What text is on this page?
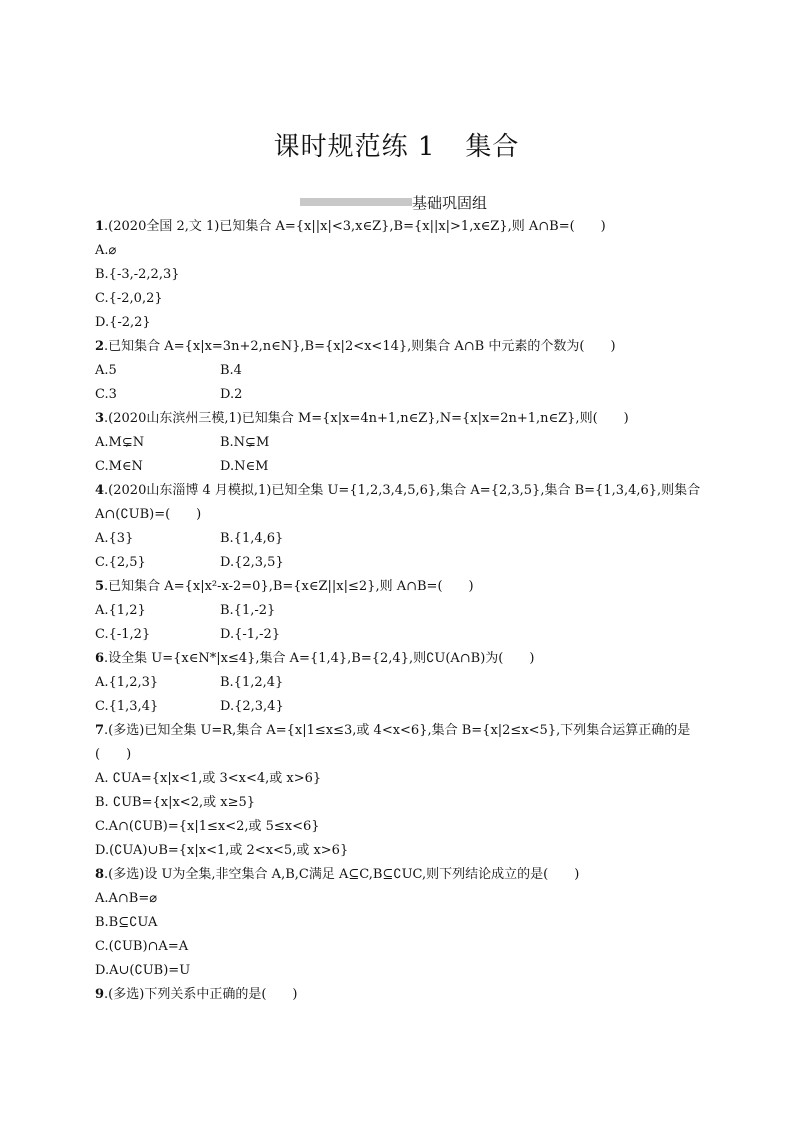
课时规范练 1 集合
基础巩固组
1.(2020全国 2,文 1)已知集合 A={x||x|<3,x∈Z},B={x||x|>1,x∈Z},则 A∩B=(　　)
A.⌀
B.{-3,-2,2,3}
C.{-2,0,2}
D.{-2,2}
2.已知集合 A={x|x=3n+2,n∈N},B={x|2<x<14},则集合 A∩B 中元素的个数为(　　)
A.5	B.4
C.3	D.2
3.(2020山东滨州三模,1)已知集合 M={x|x=4n+1,n∈Z},N={x|x=2n+1,n∈Z},则(　　)
A.M⊊N	B.N⊊M
C.M∈N	D.N∈M
4.(2020山东淄博 4 月模拟,1)已知全集 U={1,2,3,4,5,6},集合 A={2,3,5},集合 B={1,3,4,6},则集合
A∩(∁UB)=(　　)
A.{3}	B.{1,4,6}
C.{2,5}	D.{2,3,5}
5.已知集合 A={x|x²-x-2=0},B={x∈Z||x|≤2},则 A∩B=(　　)
A.{1,2}	B.{1,-2}
C.{-1,2}	D.{-1,-2}
6.设全集 U={x∈N*|x≤4},集合 A={1,4},B={2,4},则∁U(A∩B)为(　　)
A.{1,2,3}	B.{1,2,4}
C.{1,3,4}	D.{2,3,4}
7.(多选)已知全集 U=R,集合 A={x|1≤x≤3,或 4<x<6},集合 B={x|2≤x<5},下列集合运算正确的是
(　　)
A. ∁UA={x|x<1,或 3<x<4,或 x>6}
B. ∁UB={x|x<2,或 x≥5}
C.A∩(∁UB)={x|1≤x<2,或 5≤x<6}
D.(∁UA)∪B={x|x<1,或 2<x<5,或 x>6}
8.(多选)设 U为全集,非空集合 A,B,C满足 A⊆C,B⊆∁UC,则下列结论成立的是(　　)
A.A∩B=⌀
B.B⊆∁UA
C.(∁UB)∩A=A
D.A∪(∁UB)=U
9.(多选)下列关系中正确的是(　　)
